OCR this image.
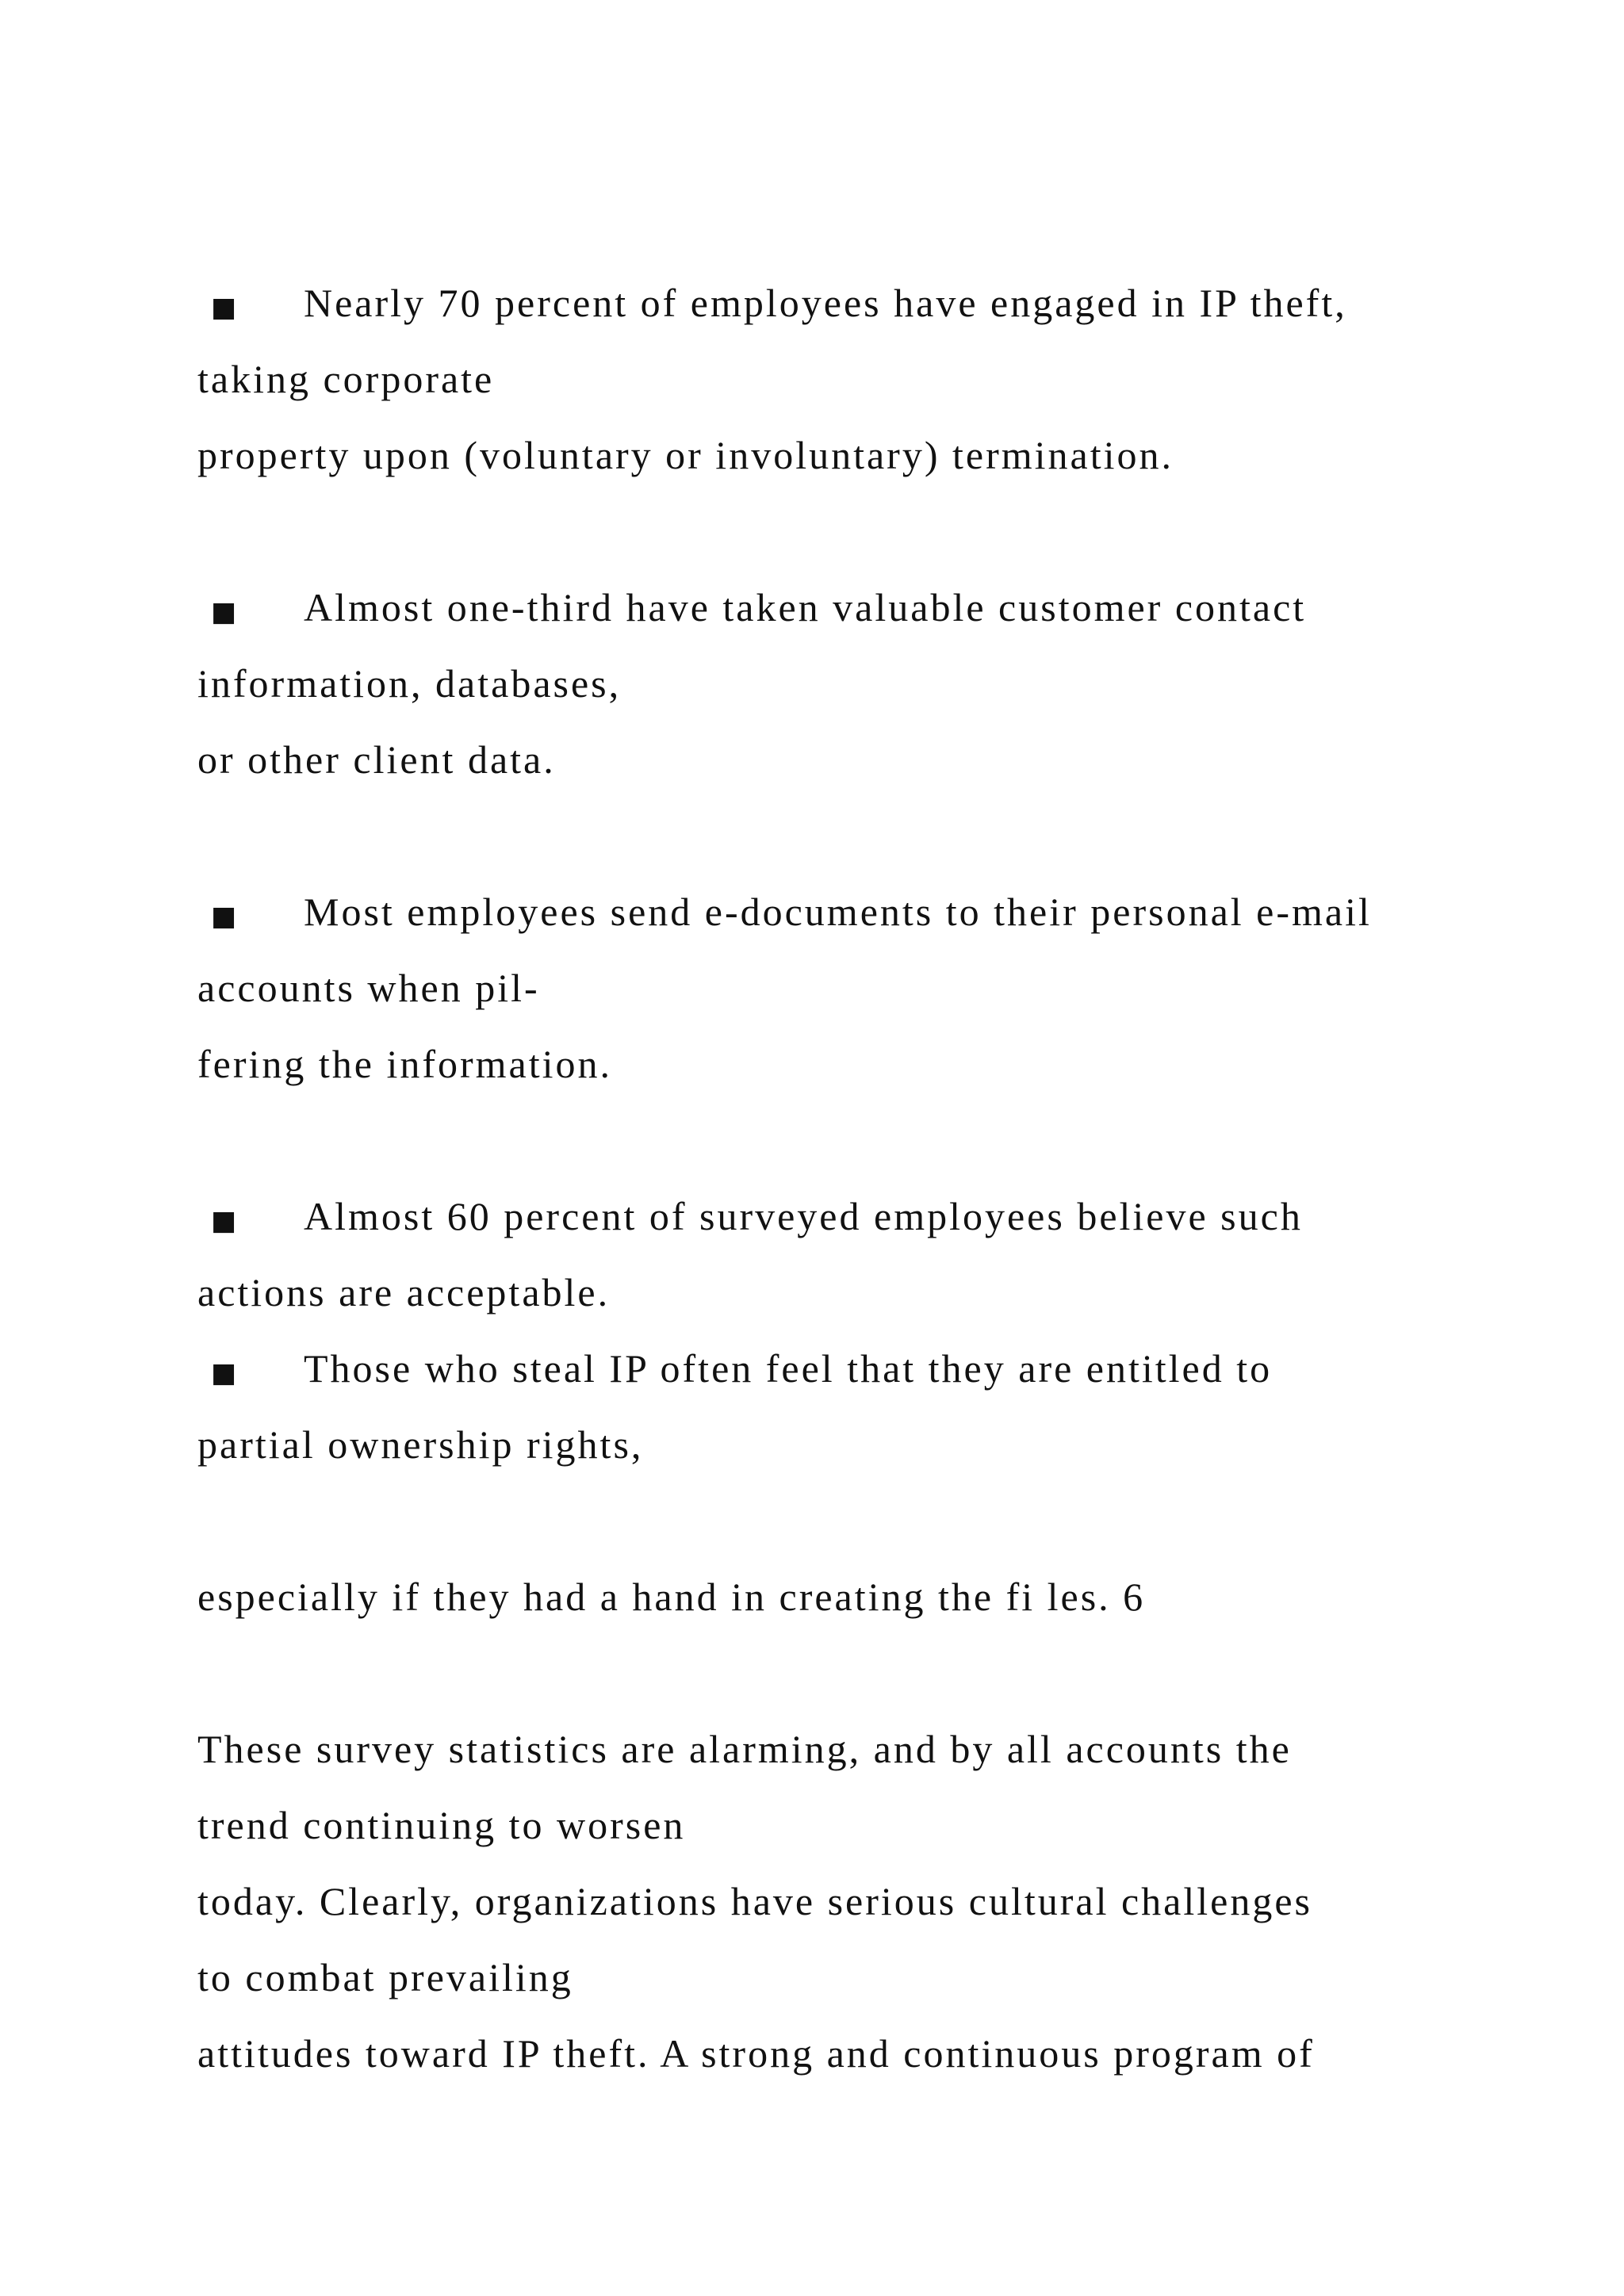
■ Nearly 70 percent of employees have engaged in IP theft,
taking corporate
property upon (voluntary or involuntary) termination.
■ Almost one-third have taken valuable customer contact
information, databases,
or other client data.
■ Most employees send e-documents to their personal e-mail
accounts when pil-
fering the information.
■ Almost 60 percent of surveyed employees believe such
actions are acceptable.
■ Those who steal IP often feel that they are entitled to
partial ownership rights,
especially if they had a hand in creating the fi les. 6
These survey statistics are alarming, and by all accounts the
trend continuing to worsen
today. Clearly, organizations have serious cultural challenges
to combat prevailing
attitudes toward IP theft. A strong and continuous program of
